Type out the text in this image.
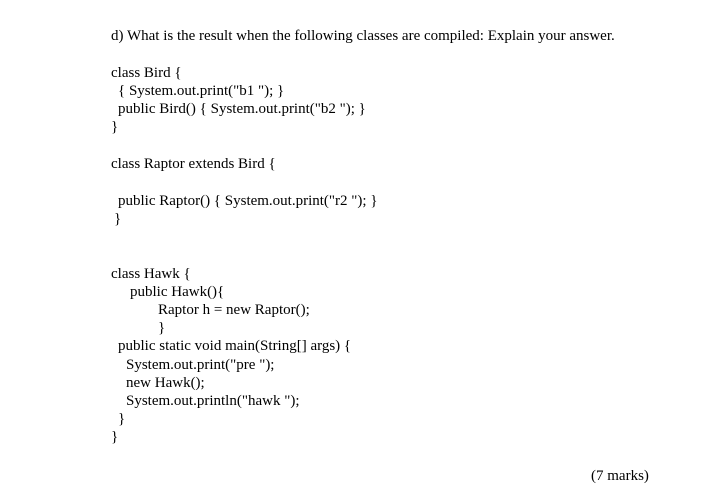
d) What is the result when the following classes are compiled: Explain your answer.
class Bird {
{ System.out.print("b1 "); }
public Bird() { System.out.print("b2 "); }
}
class Raptor extends Bird {
public Raptor() { System.out.print("r2 "); }
}
class Hawk {
public Hawk(){
Raptor h = new Raptor();
}
public static void main(String[] args) {
System.out.print("pre ");
new Hawk();
System.out.println("hawk ");
}
}
(7 marks)
